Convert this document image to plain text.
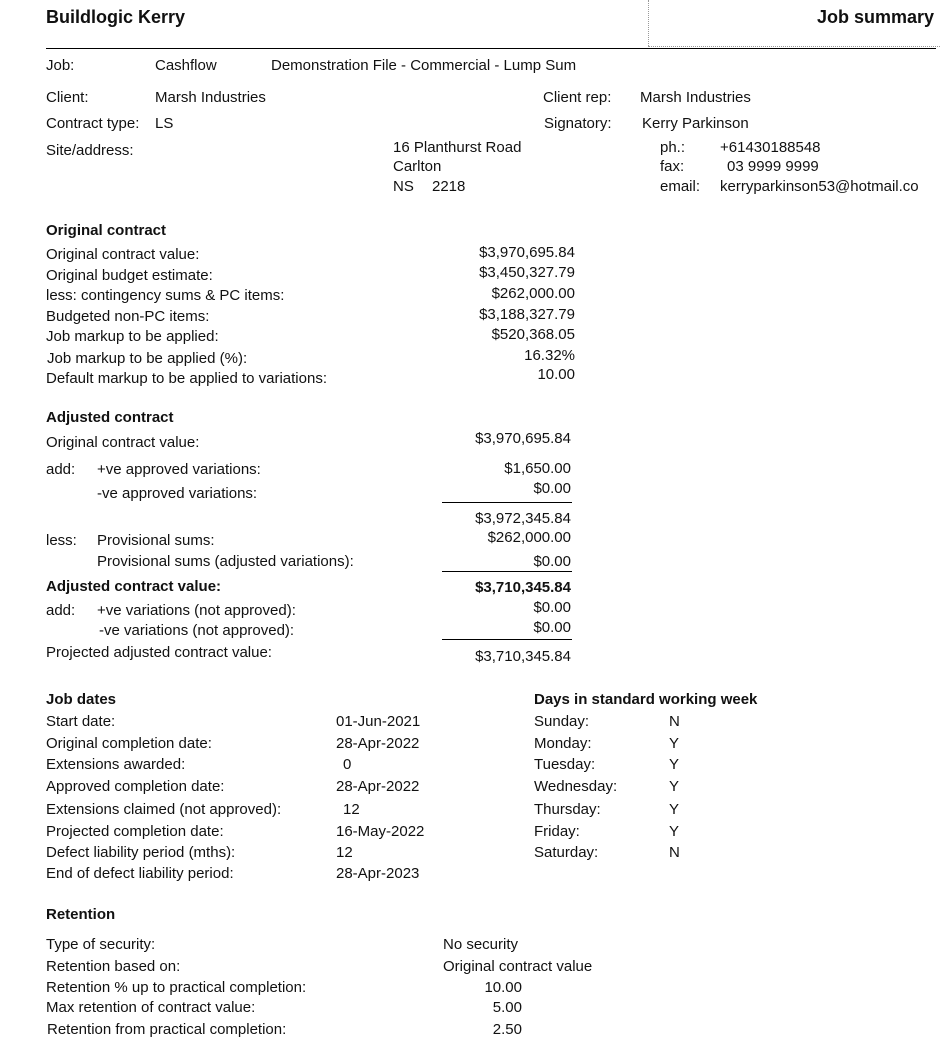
Buildlogic Kerry	Job summary
Job:	Cashflow	Demonstration File - Commercial - Lump Sum
Client:	Marsh Industries	Client rep: Marsh Industries
Contract type: LS	Signatory: Kerry Parkinson
Site/address:	16 Planthurst Road
Carlton
NS 2218
ph.: +61430188548
fax:	03 9999 9999
email: kerryparkinson53@hotmail.co
Original contract
Original contract value:	$3,970,695.84
Original budget estimate:	$3,450,327.79
less: contingency sums & PC items:	$262,000.00
Budgeted non-PC items:	$3,188,327.79
Job markup to be applied:	$520,368.05
Job markup to be applied (%):	16.32%
Default markup to be applied to variations:	10.00
Adjusted contract
Original contract value:	$3,970,695.84
add: +ve approved variations:	$1,650.00
-ve approved variations:	$0.00
$3,972,345.84
less: Provisional sums:	$262,000.00
Provisional sums (adjusted variations):	$0.00
Adjusted contract value:	$3,710,345.84
add: +ve variations (not approved):	$0.00
-ve variations (not approved):	$0.00
Projected adjusted contract value:	$3,710,345.84
Job dates
Start date:	01-Jun-2021
Original completion date:	28-Apr-2022
Extensions awarded:	0
Approved completion date:	28-Apr-2022
Extensions claimed (not approved):	12
Projected completion date:	16-May-2022
Defect liability period (mths):	12
End of defect liability period:	28-Apr-2023
Days in standard working week
Sunday:	N
Monday:	Y
Tuesday:	Y
Wednesday:	Y
Thursday:	Y
Friday:	Y
Saturday:	N
Retention
Type of security:	No security
Retention based on:	Original contract value
Retention % up to practical completion:	10.00
Max retention of contract value:	5.00
Retention from practical completion:	2.50
